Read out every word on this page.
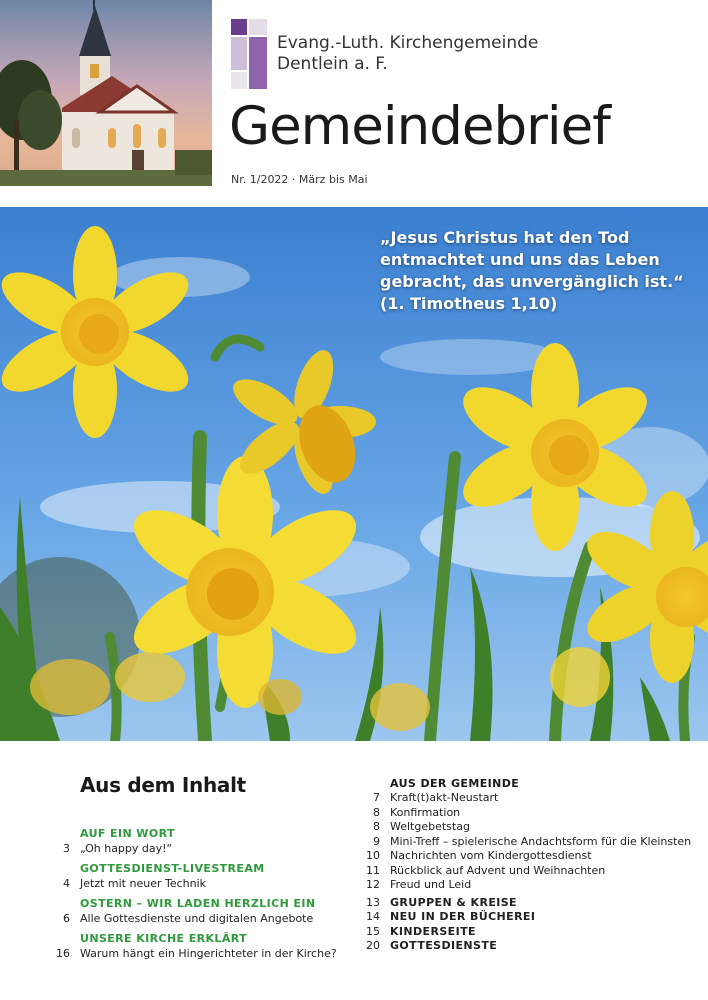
Evang.-Luth. Kirchengemeinde
Dentlein a. F.
Gemeindebrief
Nr. 1/2022 · März bis Mai
„Jesus Christus hat den Tod
entmachtet und uns das Leben
gebracht, das unvergänglich ist.“
(1. Timotheus 1,10)
Aus dem Inhalt
AUF EIN WORT
3 „Oh happy day!“
GOTTESDIENST-LIVESTREAM
4 Jetzt mit neuer Technik
OSTERN – WIR LADEN HERZLICH EIN
6 Alle Gottesdienste und digitalen Angebote
UNSERE KIRCHE ERKLÄRT
16 Warum hängt ein Hingerichteter in der Kirche?
AUS DER GEMEINDE
7 Kraft(t)akt-Neustart
8 Konfirmation
8 Weltgebetstag
9 Mini-Treff – spielerische Andachtsform für die Kleinsten
10 Nachrichten vom Kindergottesdienst
11 Rückblick auf Advent und Weihnachten
12 Freud und Leid
13 GRUPPEN & KREISE
14 NEU IN DER BÜCHEREI
15 KINDERSEITE
20 GOTTESDIENSTE
